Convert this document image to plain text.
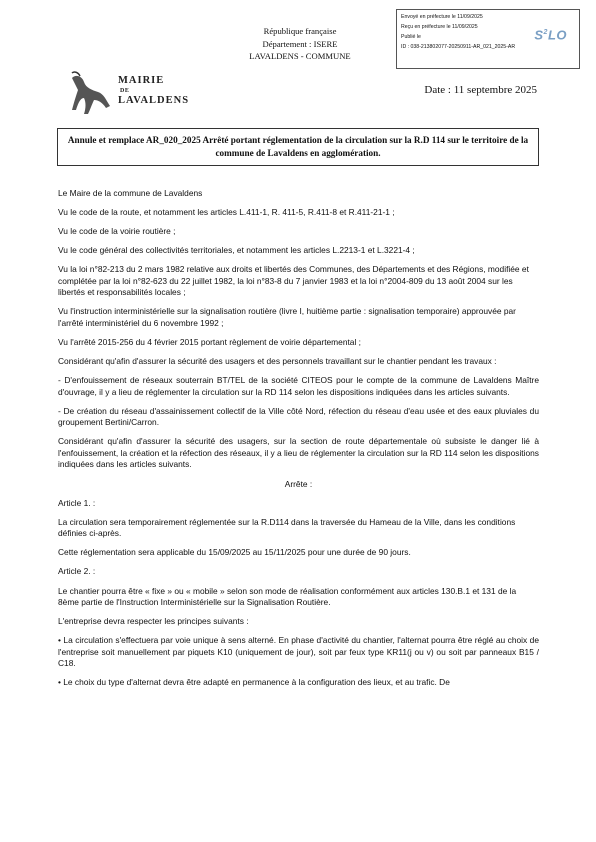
République française
Département : ISERE
LAVALDENS - COMMUNE
Envoyé en préfecture le 11/09/2025
Reçu en préfecture le 11/09/2025
Publié le
ID : 038-213802077-20250911-AR_021_2025-AR
$S^2LO$
MAIRIE
DE
LAVALDENS
Date : 11 septembre 2025
Annule et remplace AR_020_2025 Arrêté portant réglementation de la circulation sur la R.D 114 sur le territoire de la commune de Lavaldens en agglomération.

Le Maire de la commune de Lavaldens

Vu le code de la route, et notamment les articles L.411-1, R. 411-5, R.411-8 et R.411-21-1 ;

Vu le code de la voirie routière ;

Vu le code général des collectivités territoriales, et notamment les articles L.2213-1 et L.3221-4 ;

Vu la loi n°82-213 du 2 mars 1982 relative aux droits et libertés des Communes, des Départements et des Régions, modifiée et complétée par la loi n°82-623 du 22 juillet 1982, la loi n°83-8 du 7 janvier 1983 et la loi n°2004-809 du 13 août 2004 sur les libertés et responsabilités locales ;

Vu l'instruction interministérielle sur la signalisation routière (livre I, huitième partie : signalisation temporaire) approuvée par l'arrêté interministériel du 6 novembre 1992 ;

Vu l'arrêté 2015-256 du 4 février 2015 portant règlement de voirie départemental ;

Considérant qu'afin d'assurer la sécurité des usagers et des personnels travaillant sur le chantier pendant les travaux :

- D'enfouissement de réseaux souterrain BT/TEL de la société CITEOS pour le compte de la commune de Lavaldens Maître d'ouvrage, il y a lieu de réglementer la circulation sur la RD 114 selon les dispositions indiquées dans les articles suivants.

- De création du réseau d'assainissement collectif de la Ville côté Nord, réfection du réseau d'eau usée et des eaux pluviales du groupement Bertini/Carron.

Considérant qu'afin d'assurer la sécurité des usagers, sur la section de route départementale où subsiste le danger lié à l'enfouissement, la création et la réfection des réseaux, il y a lieu de réglementer la circulation sur la RD 114 selon les dispositions indiquées dans les articles suivants.

Arrête :

Article 1. :

La circulation sera temporairement réglementée sur la R.D114 dans la traversée du Hameau de la Ville, dans les conditions définies ci-après.

Cette réglementation sera applicable du 15/09/2025 au 15/11/2025 pour une durée de 90 jours.

Article 2. :

Le chantier pourra être « fixe » ou « mobile » selon son mode de réalisation conformément aux articles 130.B.1 et 131 de la 8ème partie de l'Instruction Interministérielle sur la Signalisation Routière.

L'entreprise devra respecter les principes suivants :

• La circulation s'effectuera par voie unique à sens alterné. En phase d'activité du chantier, l'alternat pourra être réglé au choix de l'entreprise soit manuellement par piquets K10 (uniquement de jour), soit par feux type KR11(j ou v) ou soit par panneaux B15 / C18.

• Le choix du type d'alternat devra être adapté en permanence à la configuration des lieux, et au trafic. De
